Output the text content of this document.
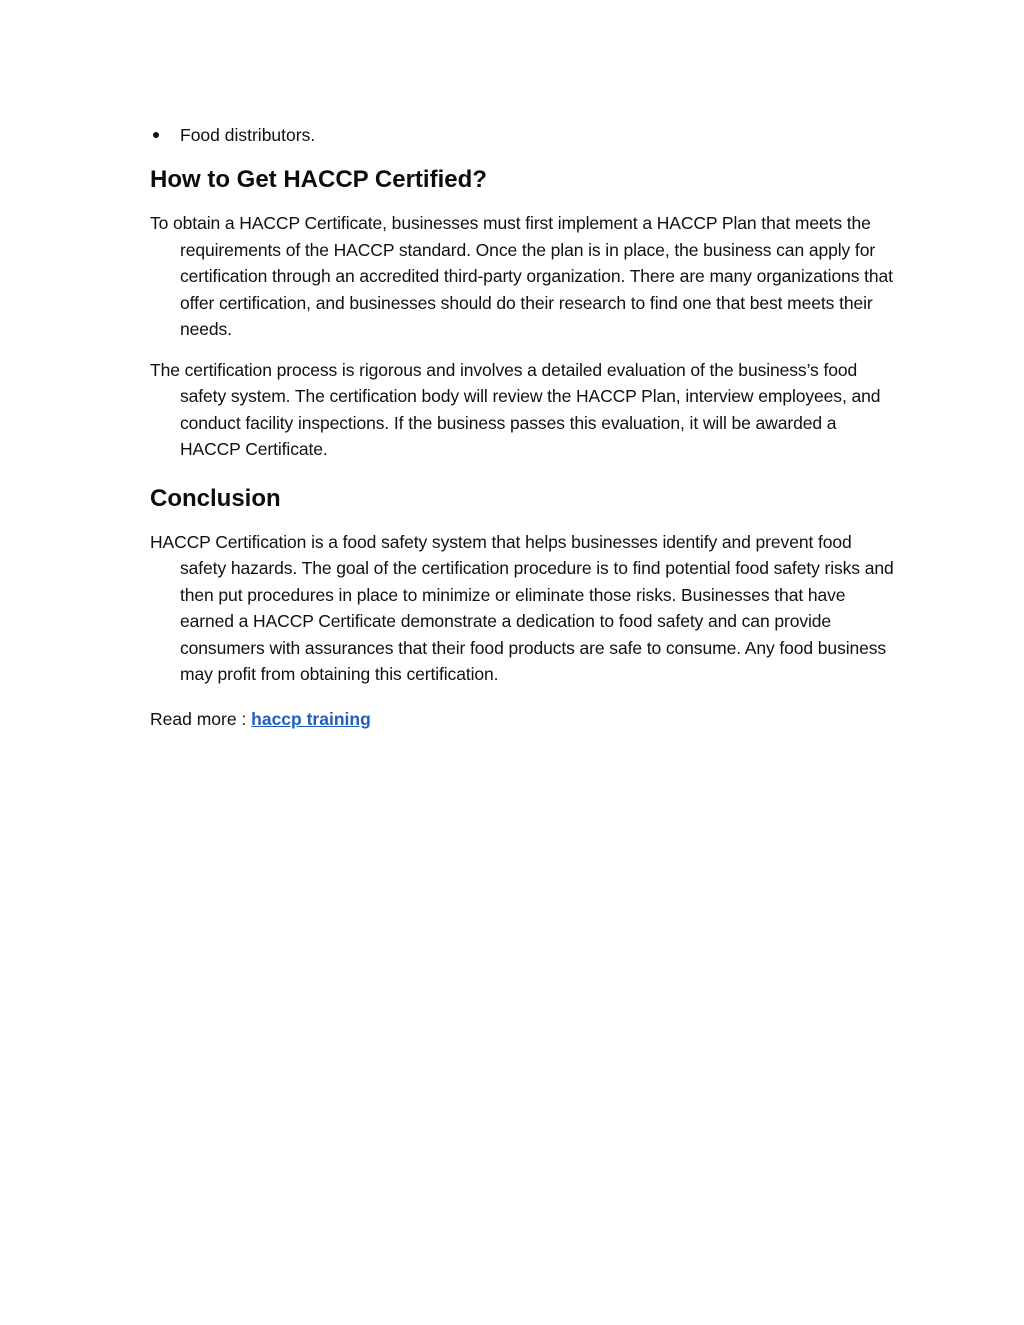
Food distributors.
How to Get HACCP Certified?

To obtain a HACCP Certificate, businesses must first implement a HACCP Plan that meets the requirements of the HACCP standard. Once the plan is in place, the business can apply for certification through an accredited third-party organization. There are many organizations that offer certification, and businesses should do their research to find one that best meets their needs.

The certification process is rigorous and involves a detailed evaluation of the business’s food safety system. The certification body will review the HACCP Plan, interview employees, and conduct facility inspections. If the business passes this evaluation, it will be awarded a HACCP Certificate.

Conclusion

HACCP Certification is a food safety system that helps businesses identify and prevent food safety hazards. The goal of the certification procedure is to find potential food safety risks and then put procedures in place to minimize or eliminate those risks. Businesses that have earned a HACCP Certificate demonstrate a dedication to food safety and can provide consumers with assurances that their food products are safe to consume. Any food business may profit from obtaining this certification.

Read more : haccp training
